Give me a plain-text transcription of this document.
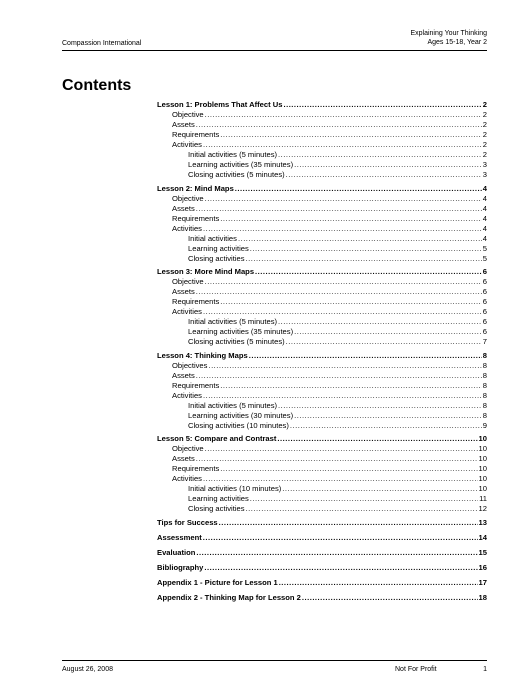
Compassion International
Explaining Your Thinking
Ages 15-18, Year 2
Contents
Lesson 1: Problems That Affect Us .....	2
Objective .....	2
Assets .....	2
Requirements .....	2
Activities .....	2
Initial activities (5 minutes) .....	2
Learning activities (35 minutes) .....	3
Closing activities (5 minutes) .....	3
Lesson 2: Mind Maps .....	4
Objective .....	4
Assets .....	4
Requirements .....	4
Activities .....	4
Initial activities .....	4
Learning activities .....	5
Closing activities .....	5
Lesson 3: More Mind Maps .....	6
Objective .....	6
Assets .....	6
Requirements .....	6
Activities .....	6
Initial activities (5 minutes) .....	6
Learning activities (35 minutes) .....	6
Closing activities (5 minutes) .....	7
Lesson 4: Thinking Maps .....	8
Objectives .....	8
Assets .....	8
Requirements .....	8
Activities .....	8
Initial activities (5 minutes) .....	8
Learning activities (30 minutes) .....	8
Closing activities (10 minutes) .....	9
Lesson 5: Compare and Contrast .....	10
Objective .....	10
Assets .....	10
Requirements .....	10
Activities .....	10
Initial activities (10 minutes) .....	10
Learning activities .....	11
Closing activities .....	12
Tips for Success .....	13
Assessment .....	14
Evaluation .....	15
Bibliography .....	16
Appendix 1 - Picture for Lesson 1 .....	17
Appendix 2 - Thinking Map for Lesson 2 .....	18
August 26, 2008	Not For Profit	1
